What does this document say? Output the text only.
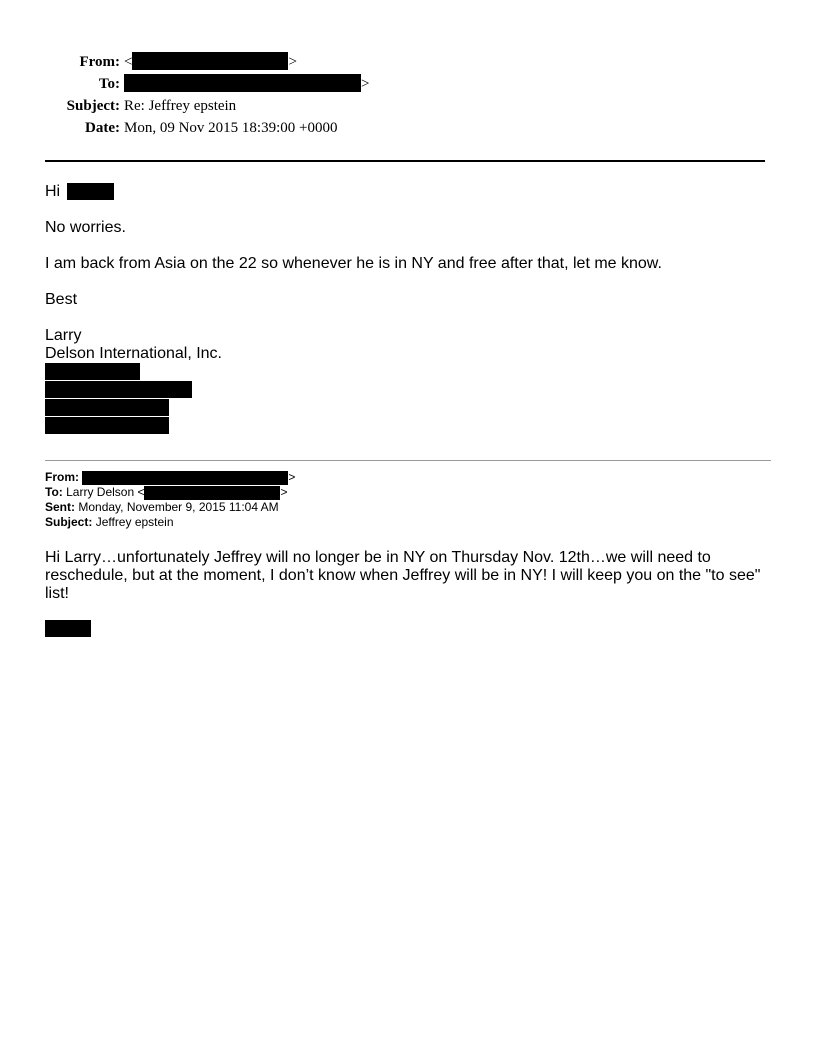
From: <	>
To:	>
Subject: Re: Jeffrey epstein
Date: Mon, 09 Nov 2015 18:39:00 +0000
Hi
No worries.
I am back from Asia on the 22 so whenever he is in NY and free after that, let me know.
Best
Larry
Delson International, Inc.
From:	>
To: Larry Delson <	>
Sent: Monday, November 9, 2015 11:04 AM
Subject: Jeffrey epstein
Hi Larry…unfortunately Jeffrey will no longer be in NY on Thursday Nov. 12th…we will need to
reschedule, but at the moment, I don’t know when Jeffrey will be in NY! I will keep you on the "to see"
list!
